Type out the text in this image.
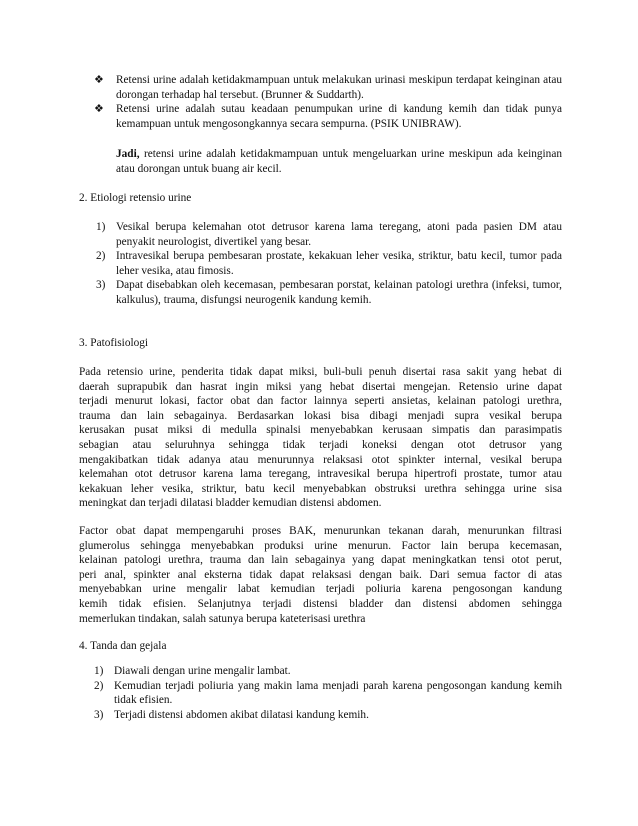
❖	Retensi urine adalah ketidakmampuan untuk melakukan urinasi meskipun terdapat keinginan atau dorongan terhadap hal tersebut. (Brunner & Suddarth).
❖	Retensi urine adalah sutau keadaan penumpukan urine di kandung kemih dan tidak punya kemampuan untuk mengosongkannya secara sempurna. (PSIK UNIBRAW).
Jadi, retensi urine adalah ketidakmampuan untuk mengeluarkan urine meskipun ada keinginan atau dorongan untuk buang air kecil.
2. Etiologi retensio urine
1) Vesikal berupa kelemahan otot detrusor karena lama teregang, atoni pada pasien DM atau penyakit neurologist, divertikel yang besar.
2) Intravesikal berupa pembesaran prostate, kekakuan leher vesika, striktur, batu kecil, tumor pada leher vesika, atau fimosis.
3) Dapat disebabkan oleh kecemasan, pembesaran porstat, kelainan patologi urethra (infeksi, tumor, kalkulus), trauma, disfungsi neurogenik kandung kemih.
3. Patofisiologi
Pada retensio urine, penderita tidak dapat miksi, buli-buli penuh disertai rasa sakit yang hebat di
daerah suprapubik dan hasrat ingin miksi yang hebat disertai mengejan. Retensio urine dapat
terjadi menurut lokasi, factor obat dan factor lainnya seperti ansietas, kelainan patologi urethra,
trauma dan lain sebagainya. Berdasarkan lokasi bisa dibagi menjadi supra vesikal berupa
kerusakan pusat miksi di medulla spinalsi menyebabkan kerusaan simpatis dan parasimpatis
sebagian atau seluruhnya sehingga tidak terjadi koneksi dengan otot detrusor yang
mengakibatkan tidak adanya atau menurunnya relaksasi otot spinkter internal, vesikal berupa
kelemahan otot detrusor karena lama teregang, intravesikal berupa hipertrofi prostate, tumor atau
kekakuan leher vesika, striktur, batu kecil menyebabkan obstruksi urethra sehingga urine sisa
meningkat dan terjadi dilatasi bladder kemudian distensi abdomen.
Factor obat dapat mempengaruhi proses BAK, menurunkan tekanan darah, menurunkan filtrasi
glumerolus sehingga menyebabkan produksi urine menurun. Factor lain berupa kecemasan,
kelainan patologi urethra, trauma dan lain sebagainya yang dapat meningkatkan tensi otot perut,
peri anal, spinkter anal eksterna tidak dapat relaksasi dengan baik. Dari semua factor di atas
menyebabkan urine mengalir labat kemudian terjadi poliuria karena pengosongan kandung
kemih tidak efisien. Selanjutnya terjadi distensi bladder dan distensi abdomen sehingga
memerlukan tindakan, salah satunya berupa kateterisasi urethra
4. Tanda dan gejala
1) Diawali dengan urine mengalir lambat.
2) Kemudian terjadi poliuria yang makin lama menjadi parah karena pengosongan kandung kemih tidak efisien.
3) Terjadi distensi abdomen akibat dilatasi kandung kemih.
